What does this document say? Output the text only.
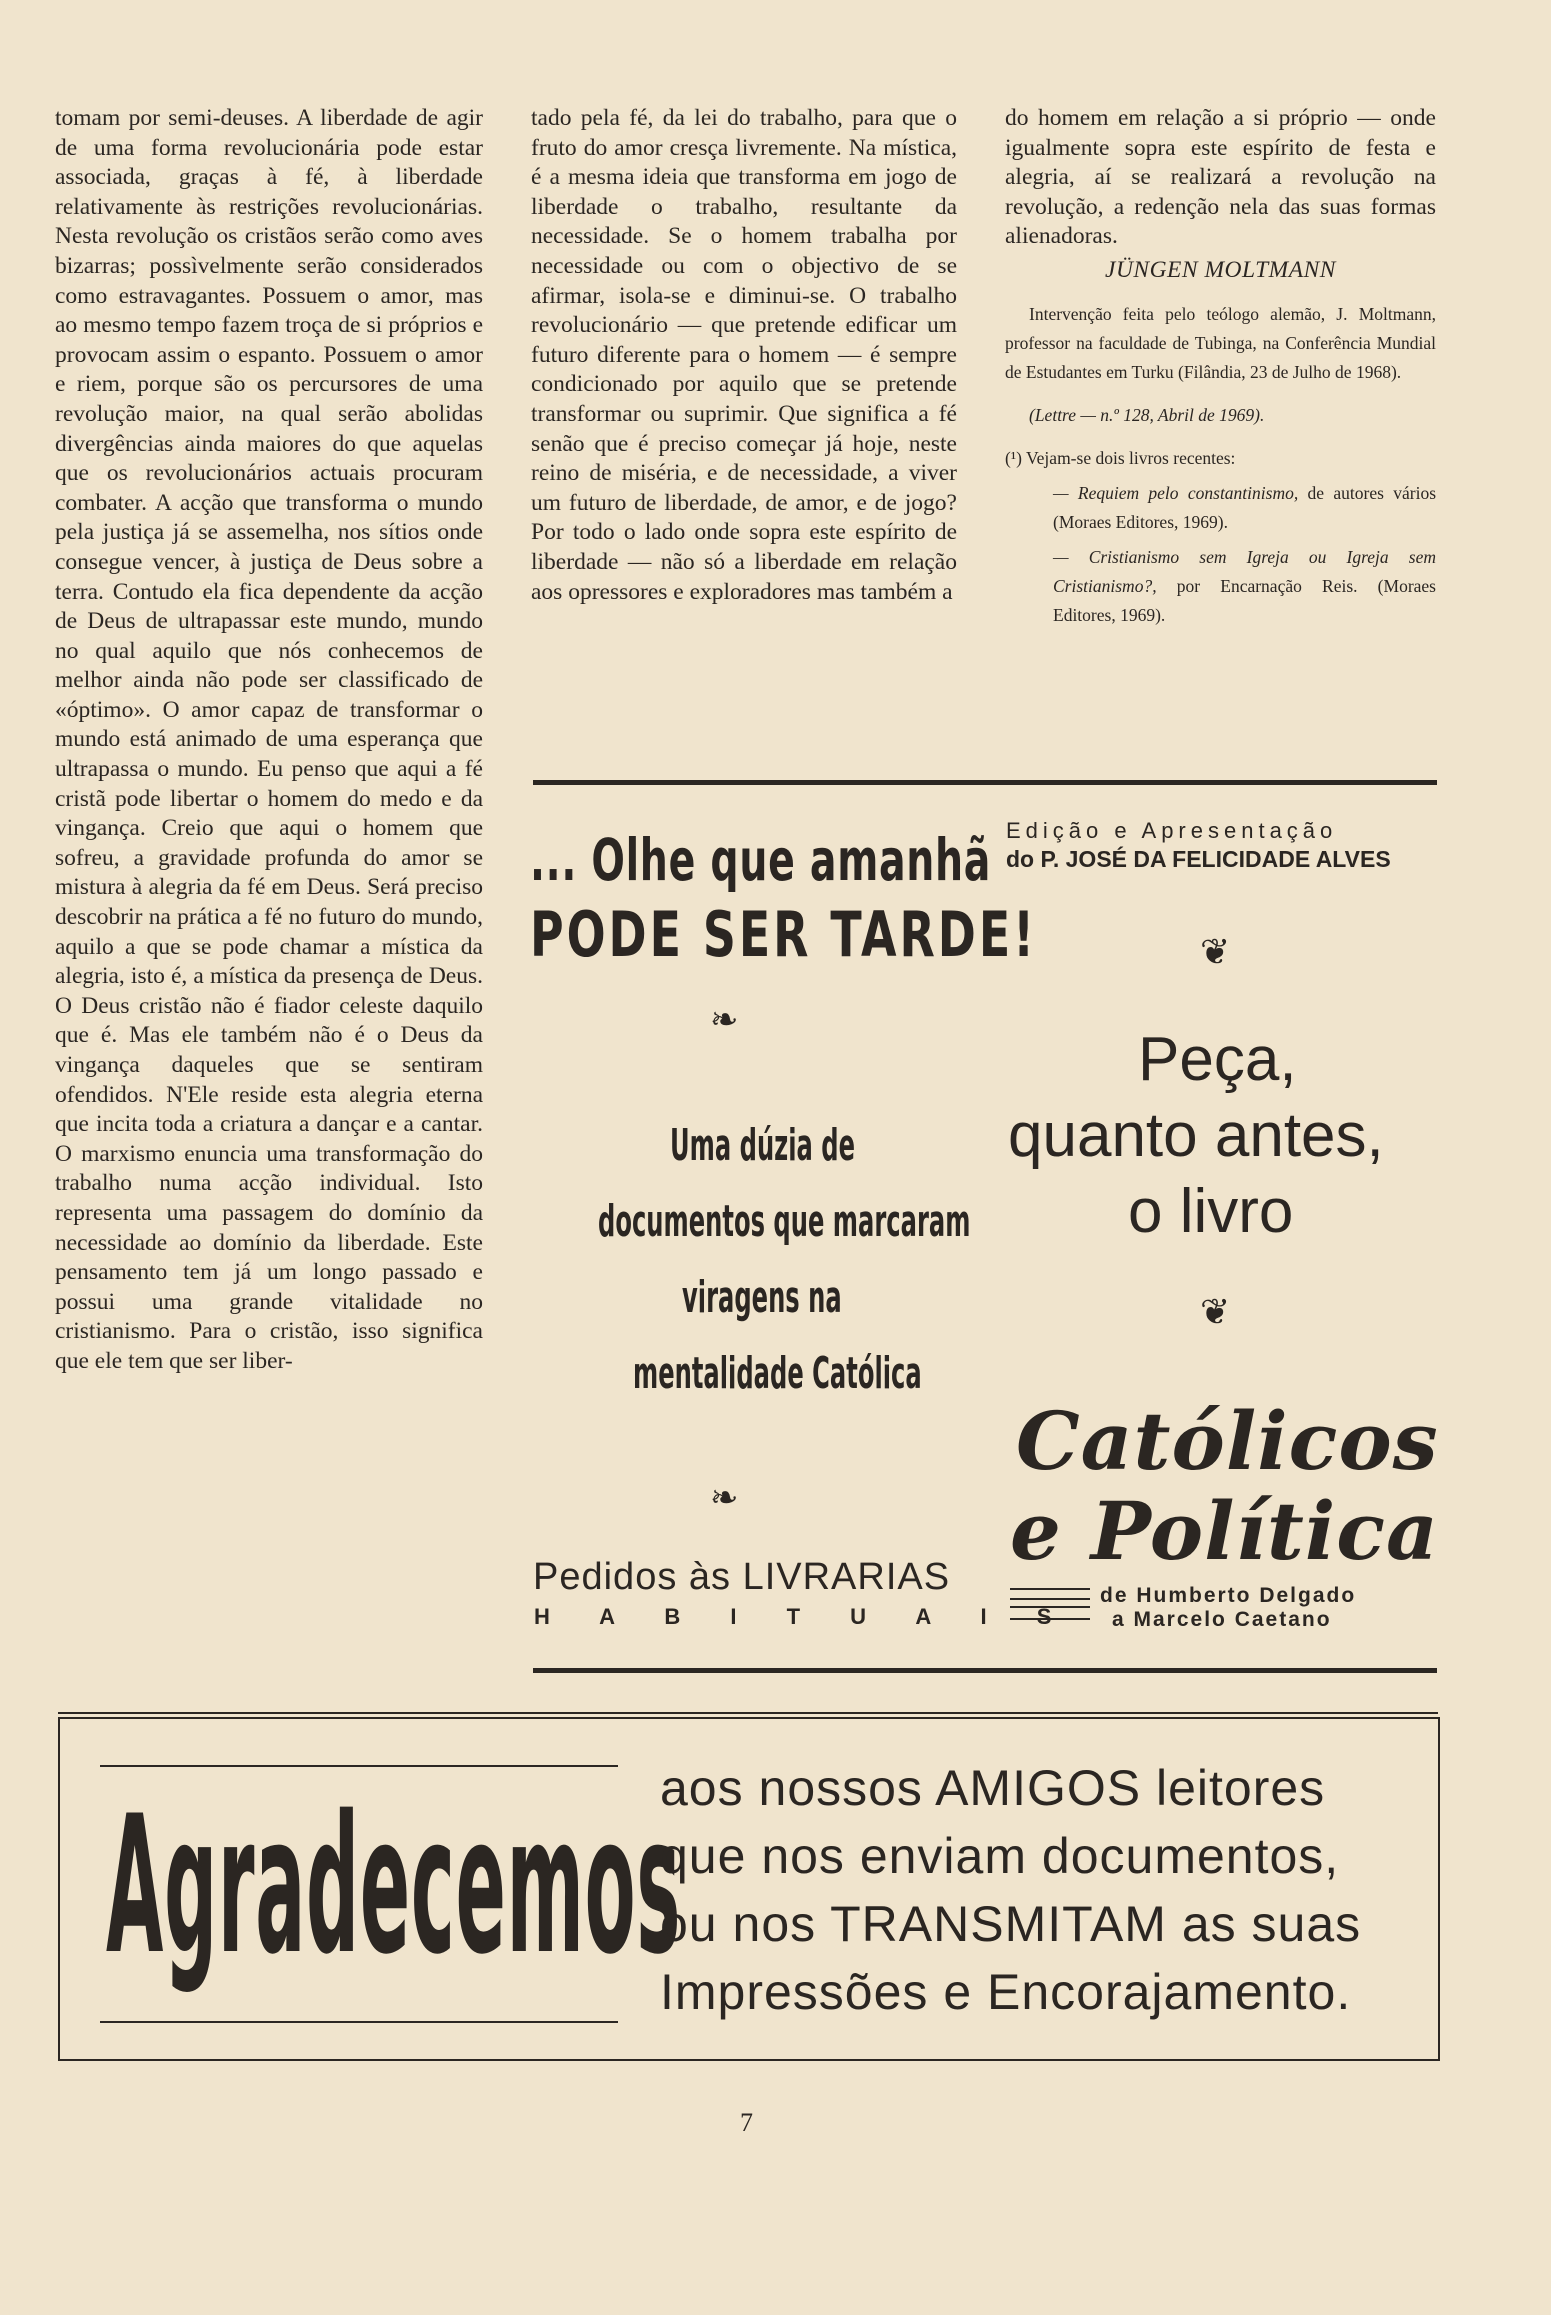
tomam por semi-deuses. A liberdade de agir de uma forma revolucionária pode estar associada, graças à fé, à liberdade relativamente às restrições revolucionárias. Nesta revolução os cristãos serão como aves bizarras; possìvelmente serão considerados como estravagantes. Possuem o amor, mas ao mesmo tempo fazem troça de si próprios e provocam assim o espanto. Possuem o amor e riem, porque são os percursores de uma revolução maior, na qual serão abolidas divergências ainda maiores do que aquelas que os revolucionários actuais procuram combater. A acção que transforma o mundo pela justiça já se assemelha, nos sítios onde consegue vencer, à justiça de Deus sobre a terra. Contudo ela fica dependente da acção de Deus de ultrapassar este mundo, mundo no qual aquilo que nós conhecemos de melhor ainda não pode ser classificado de «óptimo». O amor capaz de transformar o mundo está animado de uma esperança que ultrapassa o mundo. Eu penso que aqui a fé cristã pode libertar o homem do medo e da vingança. Creio que aqui o homem que sofreu, a gravidade profunda do amor se mistura à alegria da fé em Deus. Será preciso descobrir na prática a fé no futuro do mundo, aquilo a que se pode chamar a mística da alegria, isto é, a mística da presença de Deus. O Deus cristão não é fiador celeste daquilo que é. Mas ele também não é o Deus da vingança daqueles que se sentiram ofendidos. N'Ele reside esta alegria eterna que incita toda a criatura a dançar e a cantar. O marxismo enuncia uma transformação do trabalho numa acção individual. Isto representa uma passagem do domínio da necessidade ao domínio da liberdade. Este pensamento tem já um longo passado e possui uma grande vitalidade no cristianismo. Para o cristão, isso significa que ele tem que ser liber-

tado pela fé, da lei do trabalho, para que o fruto do amor cresça livremente. Na mística, é a mesma ideia que transforma em jogo de liberdade o trabalho, resultante da necessidade. Se o homem trabalha por necessidade ou com o objectivo de se afirmar, isola-se e diminui-se. O trabalho revolucionário — que pretende edificar um futuro diferente para o homem — é sempre condicionado por aquilo que se pretende transformar ou suprimir. Que significa a fé senão que é preciso começar já hoje, neste reino de miséria, e de necessidade, a viver um futuro de liberdade, de amor, e de jogo? Por todo o lado onde sopra este espírito de liberdade — não só a liberdade em relação aos opressores e exploradores mas também a

do homem em relação a si próprio — onde igualmente sopra este espírito de festa e alegria, aí se realizará a revolução na revolução, a redenção nela das suas formas alienadoras.

JÜNGEN MOLTMANN

Intervenção feita pelo teólogo alemão, J. Moltmann, professor na faculdade de Tubinga, na Conferência Mundial de Estudantes em Turku (Filândia, 23 de Julho de 1968).

(Lettre — n.º 128, Abril de 1969).

(¹) Vejam-se dois livros recentes:

— Requiem pelo constantinismo, de autores vários (Moraes Editores, 1969).

— Cristianismo sem Igreja ou Igreja sem Cristianismo?, por Encarnação Reis. (Moraes Editores, 1969).

... Olhe que amanhã
PODE SER TARDE!
❧
Uma dúzia de
documentos que marcaram
viragens na
mentalidade Católica
❧
Pedidos às LIVRARIAS
H A B I T U A I S
Edição e Apresentação
do P. JOSÉ DA FELICIDADE ALVES
❦
Peça,
quanto antes,
o livro
❦
Católicos
e Política
de Humberto Delgado
a Marcelo Caetano
Agradecemos
aos nossos AMIGOS leitores
que nos enviam documentos,
ou nos TRANSMITAM as suas
Impressões e Encorajamento.
7
